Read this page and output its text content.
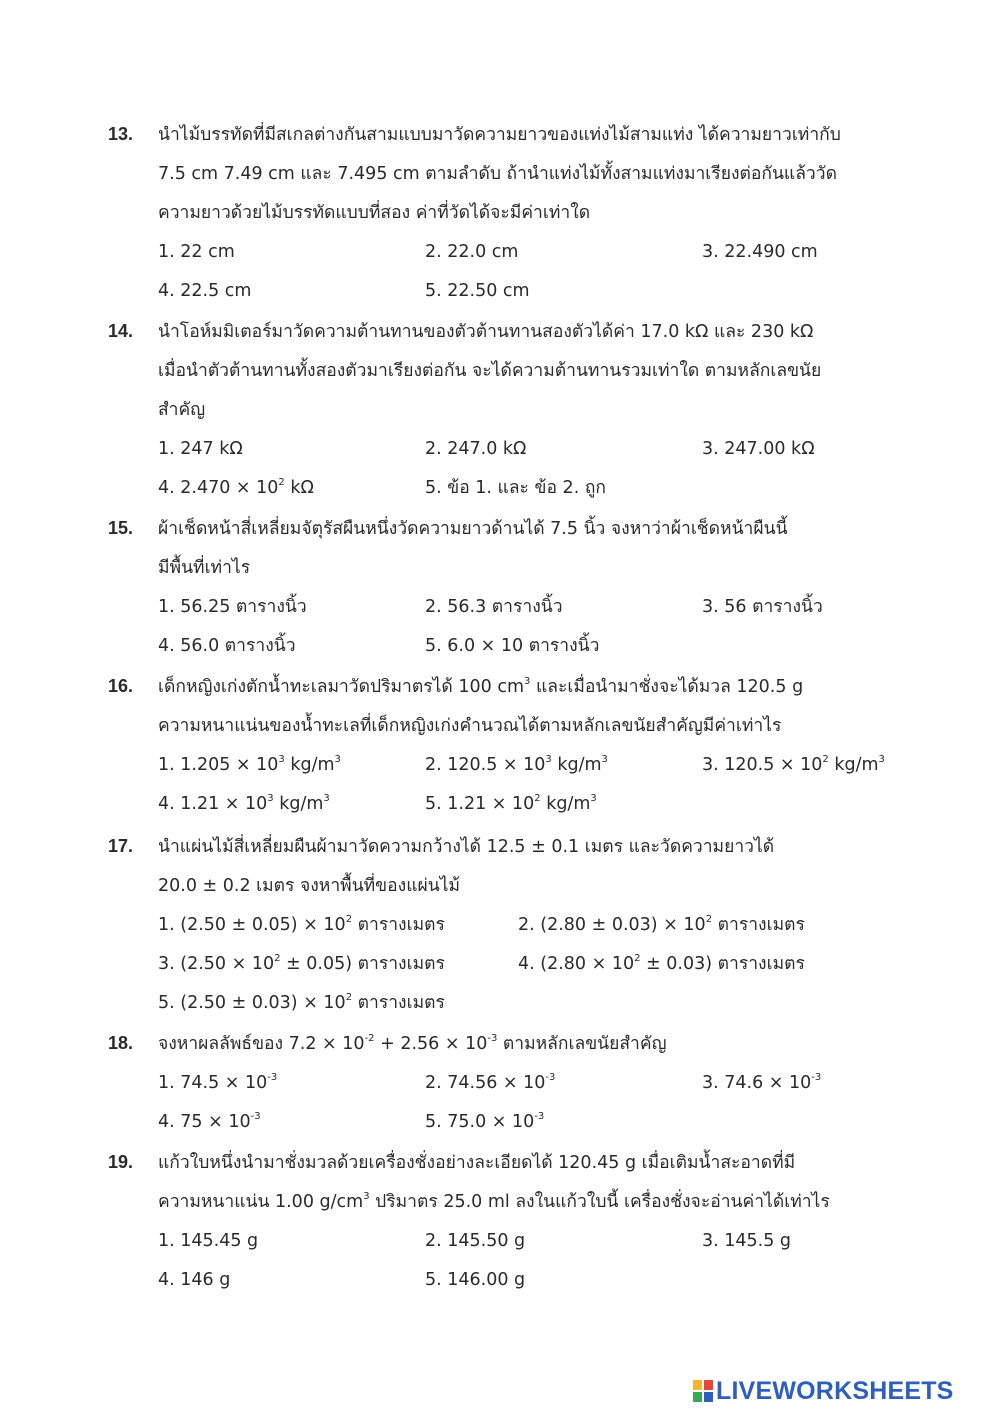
13.	นำไม้บรรทัดที่มีสเกลต่างกันสามแบบมาวัดความยาวของแท่งไม้สามแท่ง ได้ความยาวเท่ากับ
7.5 cm 7.49 cm และ 7.495 cm ตามลำดับ ถ้านำแท่งไม้ทั้งสามแท่งมาเรียงต่อกันแล้ววัด
ความยาวด้วยไม้บรรทัดแบบที่สอง ค่าที่วัดได้จะมีค่าเท่าใด
1. 22 cm	2. 22.0 cm	3. 22.490 cm
4. 22.5 cm	5. 22.50 cm
14.	นำโอห์มมิเตอร์มาวัดความต้านทานของตัวต้านทานสองตัวได้ค่า 17.0 kΩ และ 230 kΩ
เมื่อนำตัวต้านทานทั้งสองตัวมาเรียงต่อกัน จะได้ความต้านทานรวมเท่าใด ตามหลักเลขนัย
สำคัญ
1. 247 kΩ	2. 247.0 kΩ	3. 247.00 kΩ
4. $2.470 \times 10^2$ kΩ	5. ข้อ 1. และ ข้อ 2. ถูก
15.	ผ้าเช็ดหน้าสี่เหลี่ยมจัตุรัสผืนหนึ่งวัดความยาวด้านได้ 7.5 นิ้ว จงหาว่าผ้าเช็ดหน้าผืนนี้
มีพื้นที่เท่าไร
1. 56.25 ตารางนิ้ว	2. 56.3 ตารางนิ้ว	3. 56 ตารางนิ้ว
4. 56.0 ตารางนิ้ว	5. 6.0 × 10 ตารางนิ้ว
16.	เด็กหญิงเก่งตักน้ำทะเลมาวัดปริมาตรได้ 100 $cm^3$ และเมื่อนำมาชั่งจะได้มวล 120.5 g
ความหนาแน่นของน้ำทะเลที่เด็กหญิงเก่งคำนวณได้ตามหลักเลขนัยสำคัญมีค่าเท่าไร
1. $1.205 \times 10^3$ $kg/m^3$	2. $120.5 \times 10^3$ $kg/m^3$	3. $120.5 \times 10^2$ $kg/m^3$
4. $1.21 \times 10^3$ $kg/m^3$	5. $1.21 \times 10^2$ $kg/m^3$
17.	นำแผ่นไม้สี่เหลี่ยมผืนผ้ามาวัดความกว้างได้ 12.5 ± 0.1 เมตร และวัดความยาวได้
20.0 ± 0.2 เมตร จงหาพื้นที่ของแผ่นไม้
1. $(2.50 \pm 0.05) \times 10^2$ ตารางเมตร	2. $(2.80 \pm 0.03) \times 10^2$ ตารางเมตร
3. $(2.50 \times 10^2 \pm 0.05)$ ตารางเมตร	4. $(2.80 \times 10^2 \pm 0.03)$ ตารางเมตร
5. $(2.50 \pm 0.03) \times 10^2$ ตารางเมตร
18.	จงหาผลลัพธ์ของ $7.2 \times 10^{-2} + 2.56 \times 10^{-3}$ ตามหลักเลขนัยสำคัญ
1. $74.5 \times 10^{-3}$	2. $74.56 \times 10^{-3}$	3. $74.6 \times 10^{-3}$
4. $75 \times 10^{-3}$	5. $75.0 \times 10^{-3}$
19.	แก้วใบหนึ่งนำมาชั่งมวลด้วยเครื่องชั่งอย่างละเอียดได้ 120.45 g เมื่อเติมน้ำสะอาดที่มี
ความหนาแน่น 1.00 $g/cm^3$ ปริมาตร 25.0 ml ลงในแก้วใบนี้ เครื่องชั่งจะอ่านค่าได้เท่าไร
1. 145.45 g	2. 145.50 g	3. 145.5 g
4. 146 g	5. 146.00 g
LIVEWORKSHEETS
